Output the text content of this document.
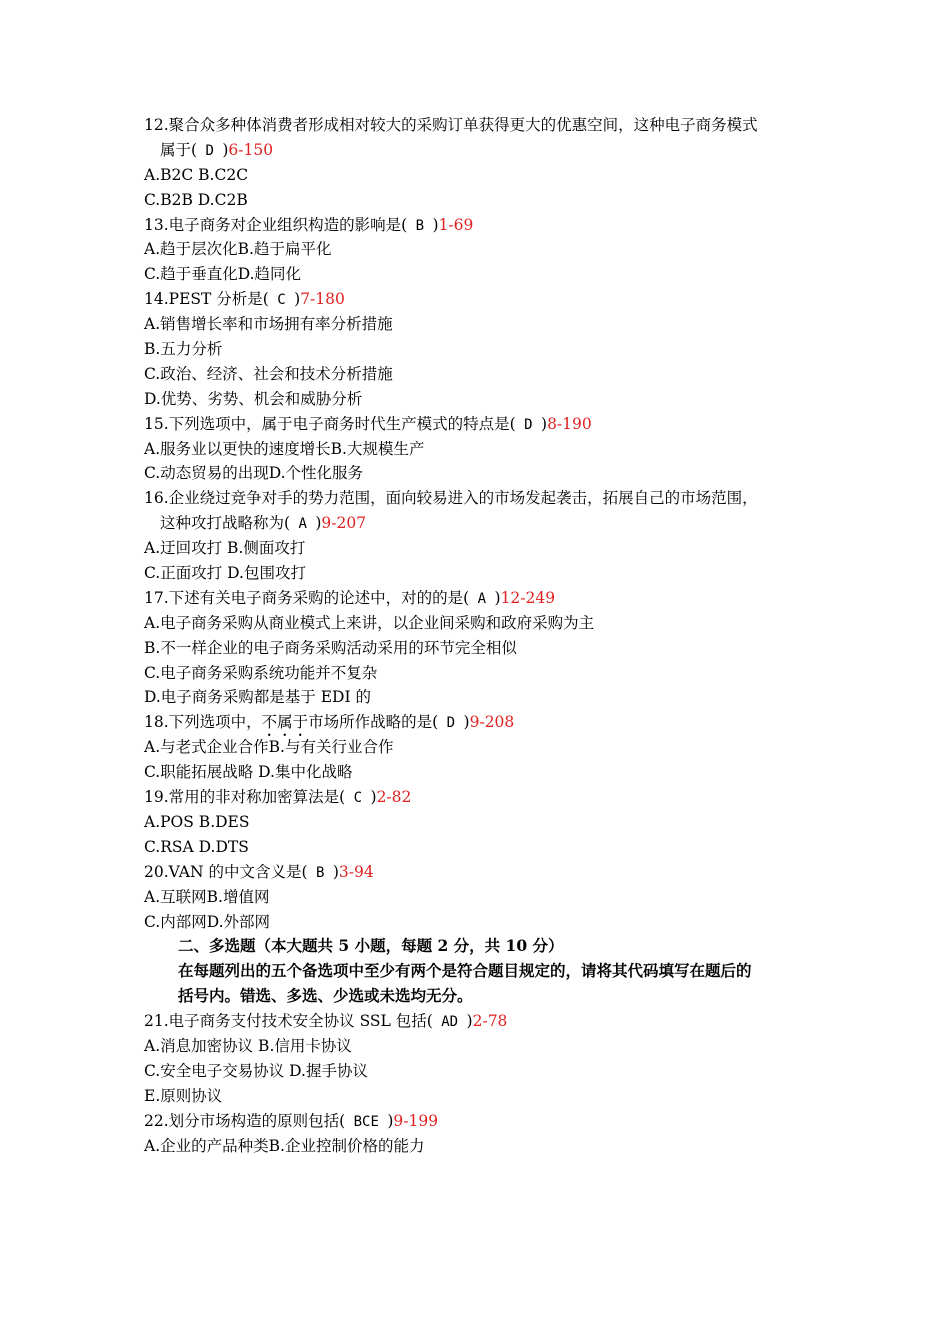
12.聚合众多种体消费者形成相对较大的采购订单获得更大的优惠空间，这种电子商务模式
属于( D )6-150
A.B2C B.C2C
C.B2B D.C2B
13.电子商务对企业组织构造的影响是( B )1-69
A.趋于层次化B.趋于扁平化
C.趋于垂直化D.趋同化
14.PEST 分析是( C )7-180
A.销售增长率和市场拥有率分析措施
B.五力分析
C.政治、经济、社会和技术分析措施
D.优势、劣势、机会和威胁分析
15.下列选项中，属于电子商务时代生产模式的特点是( D )8-190
A.服务业以更快的速度增长B.大规模生产
C.动态贸易的出现D.个性化服务
16.企业绕过竞争对手的势力范围，面向较易进入的市场发起袭击，拓展自己的市场范围，
这种攻打战略称为( A )9-207
A.迂回攻打 B.侧面攻打
C.正面攻打 D.包围攻打
17.下述有关电子商务采购的论述中，对的的是( A )12-249
A.电子商务采购从商业模式上来讲，以企业间采购和政府采购为主
B.不一样企业的电子商务采购活动采用的环节完全相似
C.电子商务采购系统功能并不复杂
D.电子商务采购都是基于 EDI 的
18.下列选项中，不属于市场所作战略的是( D )9-208
A.与老式企业合作B.与有关行业合作
C.职能拓展战略 D.集中化战略
19.常用的非对称加密算法是( C )2-82
A.POS B.DES
C.RSA D.DTS
20.VAN 的中文含义是( B )3-94
A.互联网B.增值网
C.内部网D.外部网
二、多选题（本大题共 5 小题，每题 2 分，共 10 分）
在每题列出的五个备选项中至少有两个是符合题目规定的，请将其代码填写在题后的
括号内。错选、多选、少选或未选均无分。
21.电子商务支付技术安全协议 SSL 包括( AD )2-78
A.消息加密协议 B.信用卡协议
C.安全电子交易协议 D.握手协议
E.原则协议
22.划分市场构造的原则包括( BCE )9-199
A.企业的产品种类B.企业控制价格的能力
